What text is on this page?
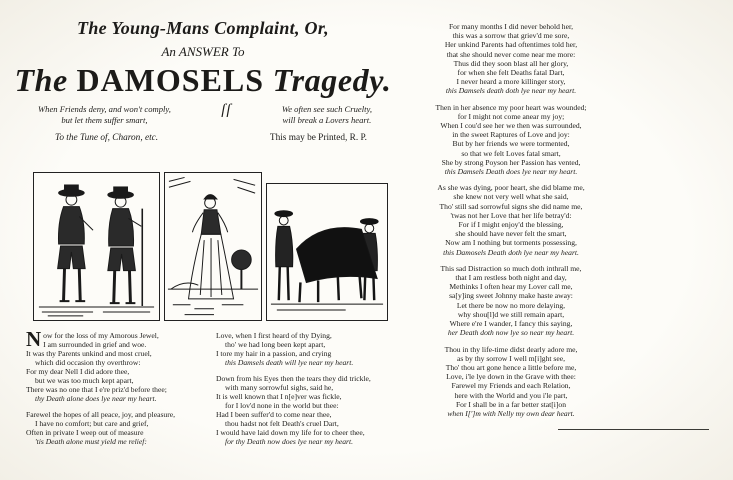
The Young-Mans Complaint, Or,
An ANSWER To
The DAMOSELS Tragedy.
When Friends deny, and won't comply,
but let them suffer smart,
ſſ	We often see such Cruelty,
will break a Lovers heart.
To the Tune of, Charon, etc.	This may be Printed, R. P.
N ow for the loss of my Amorous Jewel,
I am surrounded in grief and woe.
It was thy Parents unkind and most cruel,
which did occasion thy overthrow:
For my dear Nell I did adore thee,
but we was too much kept apart,
There was no one that I e're priz'd before thee;
thy Death alone does lye near my heart.
Farewel the hopes of all peace, joy, and pleasure,
I have no comfort; but care and grief,
Often in private I weep out of measure
'tis Death alone must yield me relief:
Love, when I first heard of thy Dying,
tho' we had long been kept apart,
I tore my hair in a passion, and crying
this Damsels death will lye near my heart.
Down from his Eyes then the tears they did trickle,
with many sorrowful sighs, said he,
It is well known that I n[e]ver was fickle,
for I lov'd none in the world but thee:
Had I been suffer'd to come near thee,
thou hadst not felt Death's cruel Dart,
I would have laid down my life for to cheer thee,
for thy Death now does lye near my heart.
For many months I did never behold her,
this was a sorrow that griev'd me sore,
Her unkind Parents had oftentimes told her,
that she should never come near me more:
Thus did they soon blast all her glory,
for when she felt Deaths fatal Dart,
I never heard a more killinger story,
this Damsels death doth lye near my heart.
Then in her absence my poor heart was wounded;
for I might not come anear my joy;
When I cou'd see her we then was surrounded,
in the sweet Raptures of Love and joy:
But by her friends we were tormented,
so that we felt Loves fatal smart,
She by strong Poyson her Passion has vented,
this Damsels Death does lye near my heart.
As she was dying, poor heart, she did blame me,
she knew not very well what she said,
Tho' still sad sorrowful signs she did name me,
'twas not her Love that her life betray'd:
For if I might enjoy'd the blessing,
she should have never felt the smart,
Now am I nothing but torments possessing,
this Damosels Death doth lye near my heart.
This sad Distraction so much doth inthrall me,
that I am restless both night and day,
Methinks I often hear my Lover call me,
sa[y]ing sweet Johnny make haste away:
Let there be now no more delaying,
why shou[l]d we still remain apart,
Where e're I wander, I fancy this saying,
her Death doth now lye so near my heart.
Thou in thy life-time didst dearly adore me,
as by thy sorrow I well m[i]ght see,
Tho' thou art gone hence a little before me,
Love, i'le lye down in the Grave with thee:
Farewel my Friends and each Relation,
here with the World and you i'le part,
For I shall be in a far better stat[i]on
when I[']m with Nelly my own dear heart.
